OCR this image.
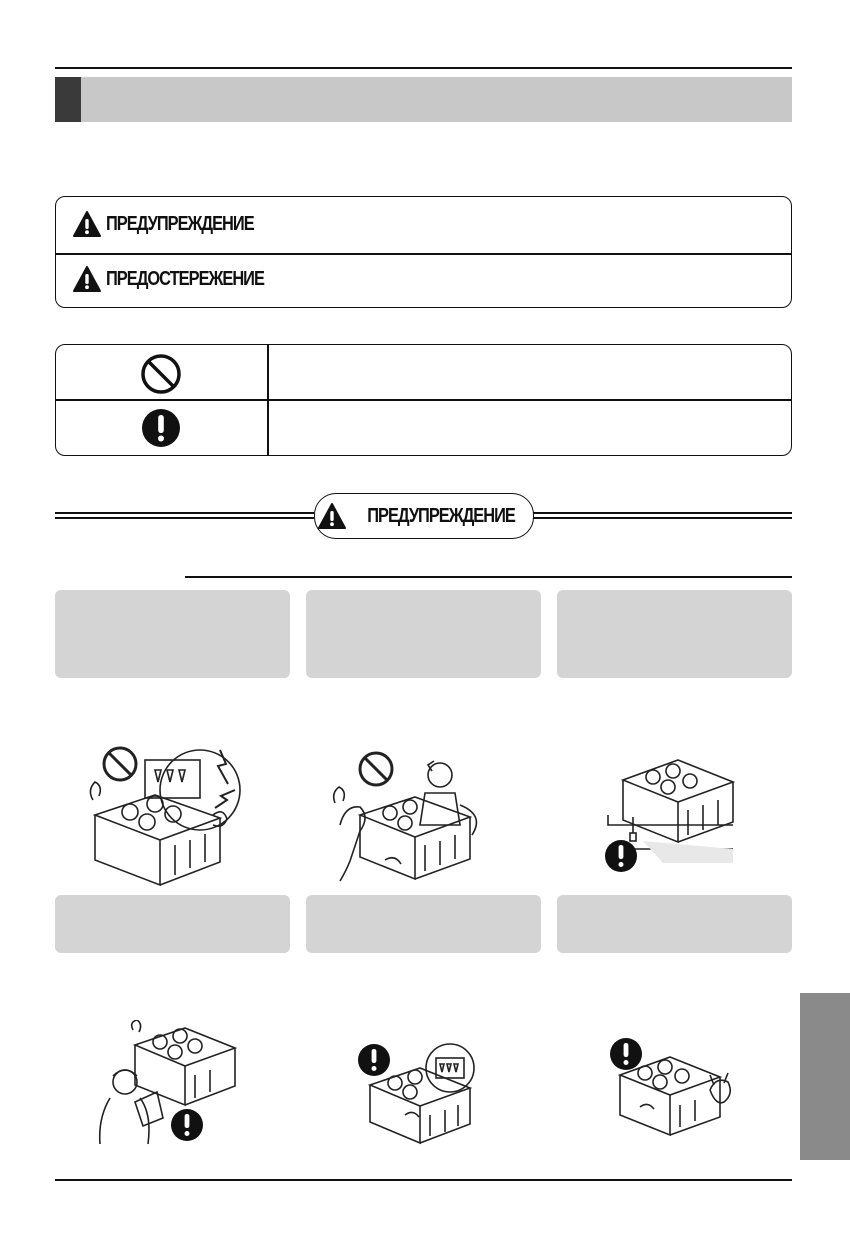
ПРЕДУПРЕЖДЕНИЕ
ПРЕДОСТЕРЕЖЕНИЕ
ПРЕДУПРЕЖДЕНИЕ
